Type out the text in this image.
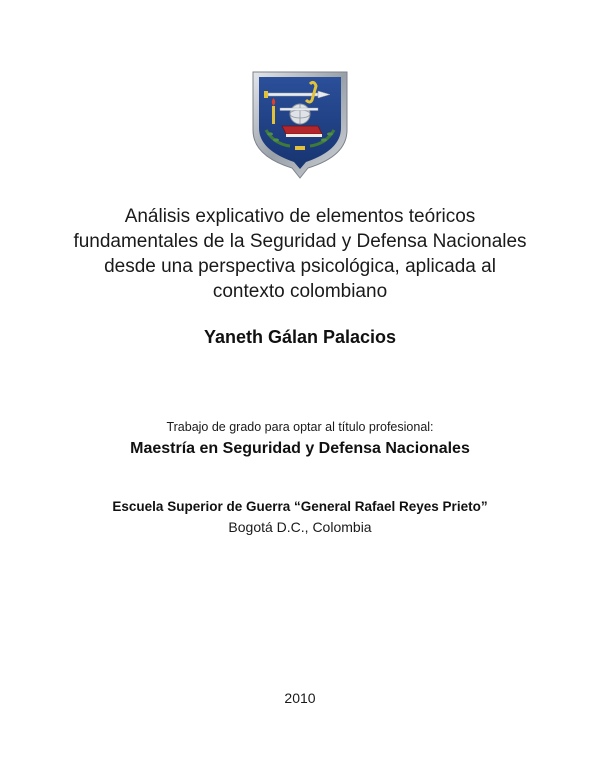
Análisis explicativo de elementos teóricos
fundamentales de la Seguridad y Defensa Nacionales
desde una perspectiva psicológica, aplicada al
contexto colombiano
Yaneth Gálan Palacios
Trabajo de grado para optar al título profesional:
Maestría en Seguridad y Defensa Nacionales
Escuela Superior de Guerra “General Rafael Reyes Prieto”
Bogotá D.C., Colombia
2010
